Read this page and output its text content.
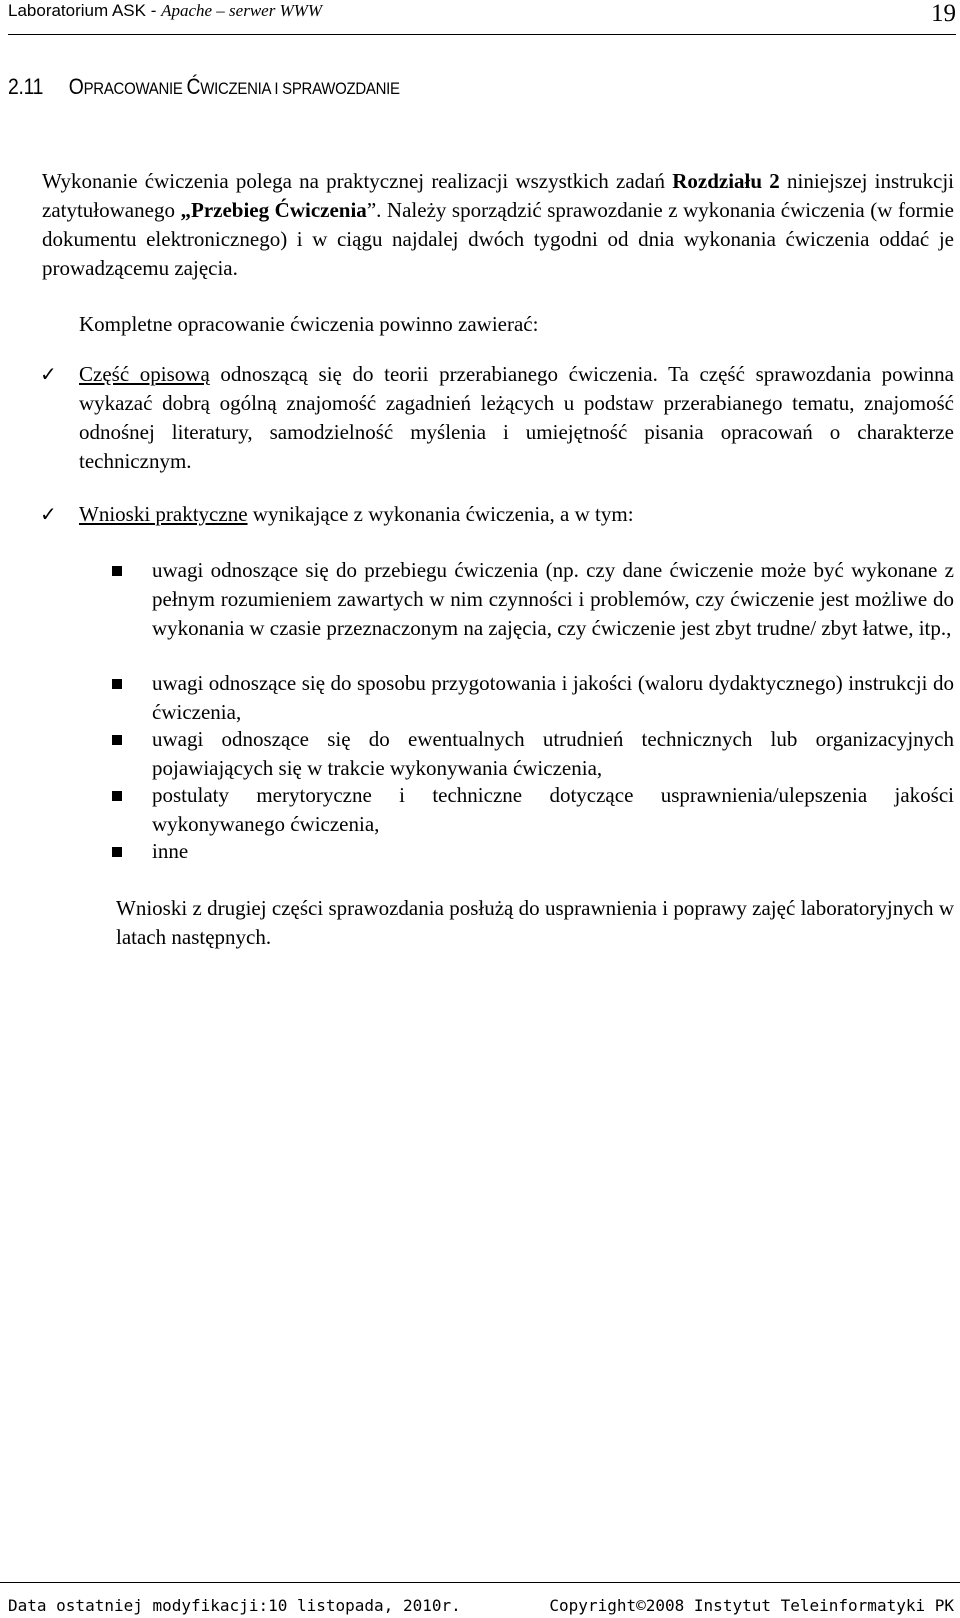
Laboratorium ASK - Apache – serwer WWW	19
2.11 OPRACOWANIE ĆWICZENIA I SPRAWOZDANIE
Wykonanie ćwiczenia polega na praktycznej realizacji wszystkich zadań Rozdziału 2 niniejszej instrukcji zatytułowanego „Przebieg Ćwiczenia”. Należy sporządzić sprawozdanie z wykonania ćwiczenia (w formie dokumentu elektronicznego) i w ciągu najdalej dwóch tygodni od dnia wykonania ćwiczenia oddać je prowadzącemu zajęcia.
Kompletne opracowanie ćwiczenia powinno zawierać:
✓ Część opisową odnoszącą się do teorii przerabianego ćwiczenia. Ta część sprawozdania powinna wykazać dobrą ogólną znajomość zagadnień leżących u podstaw przerabianego tematu, znajomość odnośnej literatury, samodzielność myślenia i umiejętność pisania opracowań o charakterze technicznym.
✓ Wnioski praktyczne wynikające z wykonania ćwiczenia, a w tym:
uwagi odnoszące się do przebiegu ćwiczenia (np. czy dane ćwiczenie może być wykonane z pełnym rozumieniem zawartych w nim czynności i problemów, czy ćwiczenie jest możliwe do wykonania w czasie przeznaczonym na zajęcia, czy ćwiczenie jest zbyt trudne/ zbyt łatwe, itp.,
uwagi odnoszące się do sposobu przygotowania i jakości (waloru dydaktycznego) instrukcji do ćwiczenia,
uwagi odnoszące się do ewentualnych utrudnień technicznych lub organizacyjnych pojawiających się w trakcie wykonywania ćwiczenia,
postulaty merytoryczne i techniczne dotyczące usprawnienia/ulepszenia jakości wykonywanego ćwiczenia,
inne
Wnioski z drugiej części sprawozdania posłużą do usprawnienia i poprawy zajęć laboratoryjnych w latach następnych.
Data ostatniej modyfikacji:10 listopada, 2010r.	Copyright©2008 Instytut Teleinformatyki PK
